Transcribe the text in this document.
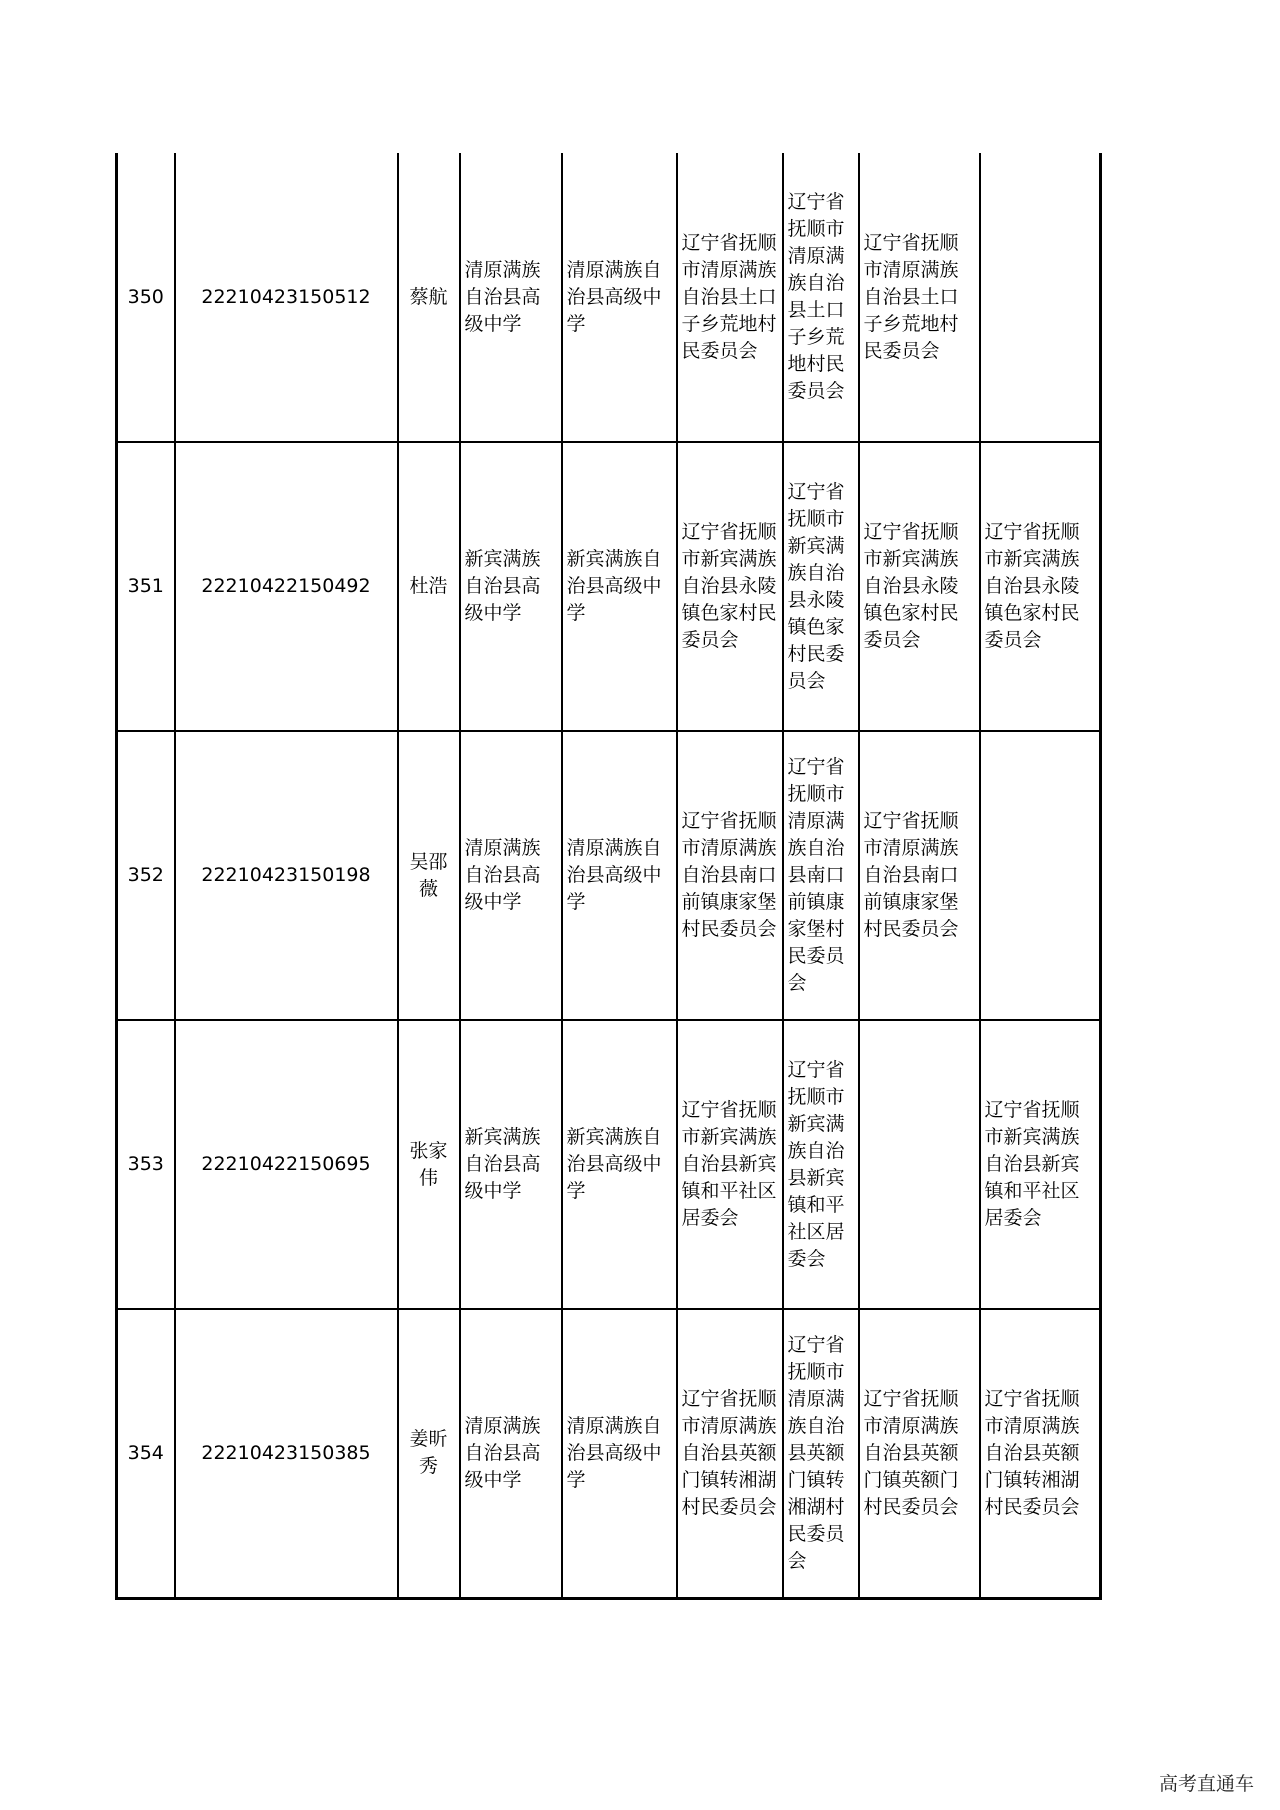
350	22210423150512	蔡航	清原满族自治县高级中学	清原满族自治县高级中学	辽宁省抚顺市清原满族自治县土口子乡荒地村民委员会	辽宁省抚顺市清原满族自治县土口子乡荒地村民委员会	辽宁省抚顺市清原满族自治县土口子乡荒地村民委员会	
351	22210422150492	杜浩	新宾满族自治县高级中学	新宾满族自治县高级中学	辽宁省抚顺市新宾满族自治县永陵镇色家村民委员会	辽宁省抚顺市新宾满族自治县永陵镇色家村民委员会	辽宁省抚顺市新宾满族自治县永陵镇色家村民委员会	辽宁省抚顺市新宾满族自治县永陵镇色家村民委员会
352	22210423150198	吴邵薇	清原满族自治县高级中学	清原满族自治县高级中学	辽宁省抚顺市清原满族自治县南口前镇康家堡村民委员会	辽宁省抚顺市清原满族自治县南口前镇康家堡村民委员会	辽宁省抚顺市清原满族自治县南口前镇康家堡村民委员会	
353	22210422150695	张家伟	新宾满族自治县高级中学	新宾满族自治县高级中学	辽宁省抚顺市新宾满族自治县新宾镇和平社区居委会	辽宁省抚顺市新宾满族自治县新宾镇和平社区居委会		辽宁省抚顺市新宾满族自治县新宾镇和平社区居委会
354	22210423150385	姜昕秀	清原满族自治县高级中学	清原满族自治县高级中学	辽宁省抚顺市清原满族自治县英额门镇转湘湖村民委员会	辽宁省抚顺市清原满族自治县英额门镇转湘湖村民委员会	辽宁省抚顺市清原满族自治县英额门镇英额门村民委员会	辽宁省抚顺市清原满族自治县英额门镇转湘湖村民委员会
高考直通车
